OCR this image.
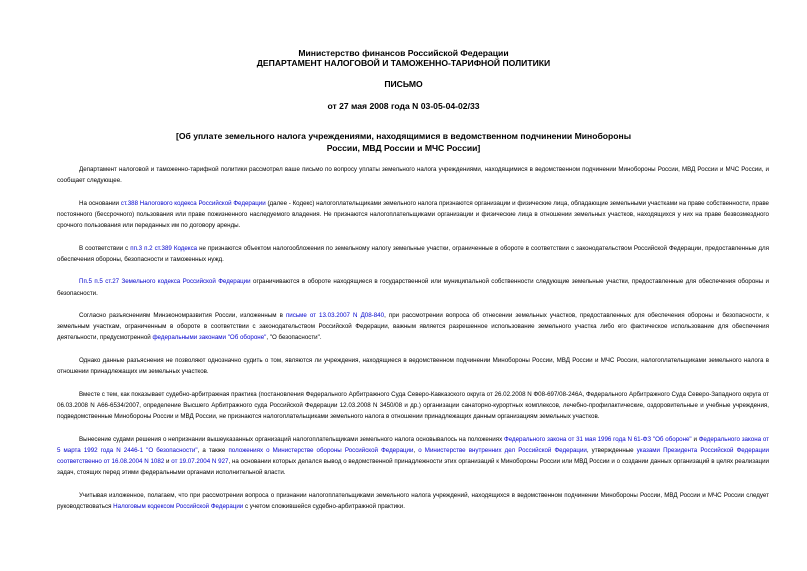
Министерство финансов Российской Федерации
ДЕПАРТАМЕНТ НАЛОГОВОЙ И ТАМОЖЕННО-ТАРИФНОЙ ПОЛИТИКИ
ПИСЬМО
от 27 мая 2008 года N 03-05-04-02/33
[Об уплате земельного налога учреждениями, находящимися в ведомственном подчинении Минобороны России, МВД России и МЧС России]

Департамент налоговой и таможенно-тарифной политики рассмотрел ваше письмо по вопросу уплаты земельного налога учреждениями, находящимися в ведомственном подчинении Минобороны России, МВД России и МЧС России, и сообщает следующее.

На основании ст.388 Налогового кодекса Российской Федерации (далее - Кодекс) налогоплательщиками земельного налога признаются организации и физические лица, обладающие земельными участками на праве собственности, праве постоянного (бессрочного) пользования или праве пожизненного наследуемого владения. Не признаются налогоплательщиками организации и физические лица в отношении земельных участков, находящихся у них на праве безвозмездного срочного пользования или переданных им по договору аренды.

В соответствии с пп.3 п.2 ст.389 Кодекса не признаются объектом налогообложения по земельному налогу земельные участки, ограниченные в обороте в соответствии с законодательством Российской Федерации, предоставленные для обеспечения обороны, безопасности и таможенных нужд.

Пп.5 п.5 ст.27 Земельного кодекса Российской Федерации ограничиваются в обороте находящиеся в государственной или муниципальной собственности следующие земельные участки, предоставленные для обеспечения обороны и безопасности.

Согласно разъяснениям Минэкономразвития России, изложенным в письме от 13.03.2007 N Д08-840, при рассмотрении вопроса об отнесении земельных участков, предоставленных для обеспечения обороны и безопасности, к земельным участкам, ограниченным в обороте в соответствии с законодательством Российской Федерации, важным является разрешенное использование земельного участка либо его фактическое использование для обеспечения деятельности, предусмотренной федеральными законами "Об обороне", "О безопасности".

Однако данные разъяснения не позволяют однозначно судить о том, являются ли учреждения, находящиеся в ведомственном подчинении Минобороны России, МВД России и МЧС России, налогоплательщиками земельного налога в отношении принадлежащих им земельных участков.

Вместе с тем, как показывает судебно-арбитражная практика (постановления Федерального Арбитражного Суда Северо-Кавказского округа от 26.02.2008 N Ф08-697/08-246А, Федерального Арбитражного Суда Северо-Западного округа от 06.03.2008 N А66-6534/2007, определение Высшего Арбитражного суда Российской Федерации 12.03.2008 N 3450/08 и др.) организации санаторно-курортных комплексов, лечебно-профилактические, оздоровительные и учебные учреждения, подведомственные Минобороны России и МВД России, не признаются налогоплательщиками земельного налога в отношении принадлежащих данным организациям земельных участков.

Вынесение судами решения о непризнании вышеуказанных организаций налогоплательщиками земельного налога основывалось на положениях Федерального закона от 31 мая 1996 года N 61-ФЗ "Об обороне" и Федерального закона от 5 марта 1992 года N 2446-1 "О безопасности", а также положениях о Министерстве обороны Российской Федерации, о Министерстве внутренних дел Российской Федерации, утвержденные указами Президента Российской Федерации соответственно от 16.08.2004 N 1082 и от 19.07.2004 N 927, на основании которых делался вывод о ведомственной принадлежности этих организаций к Минобороны России или МВД России и о создании данных организаций в целях реализации задач, стоящих перед этими федеральными органами исполнительной власти.

Учитывая изложенное, полагаем, что при рассмотрении вопроса о признании налогоплательщиками земельного налога учреждений, находящихся в ведомственном подчинении Минобороны России, МВД России и МЧС России следует руководствоваться Налоговым кодексом Российской Федерации с учетом сложившейся судебно-арбитражной практики.
